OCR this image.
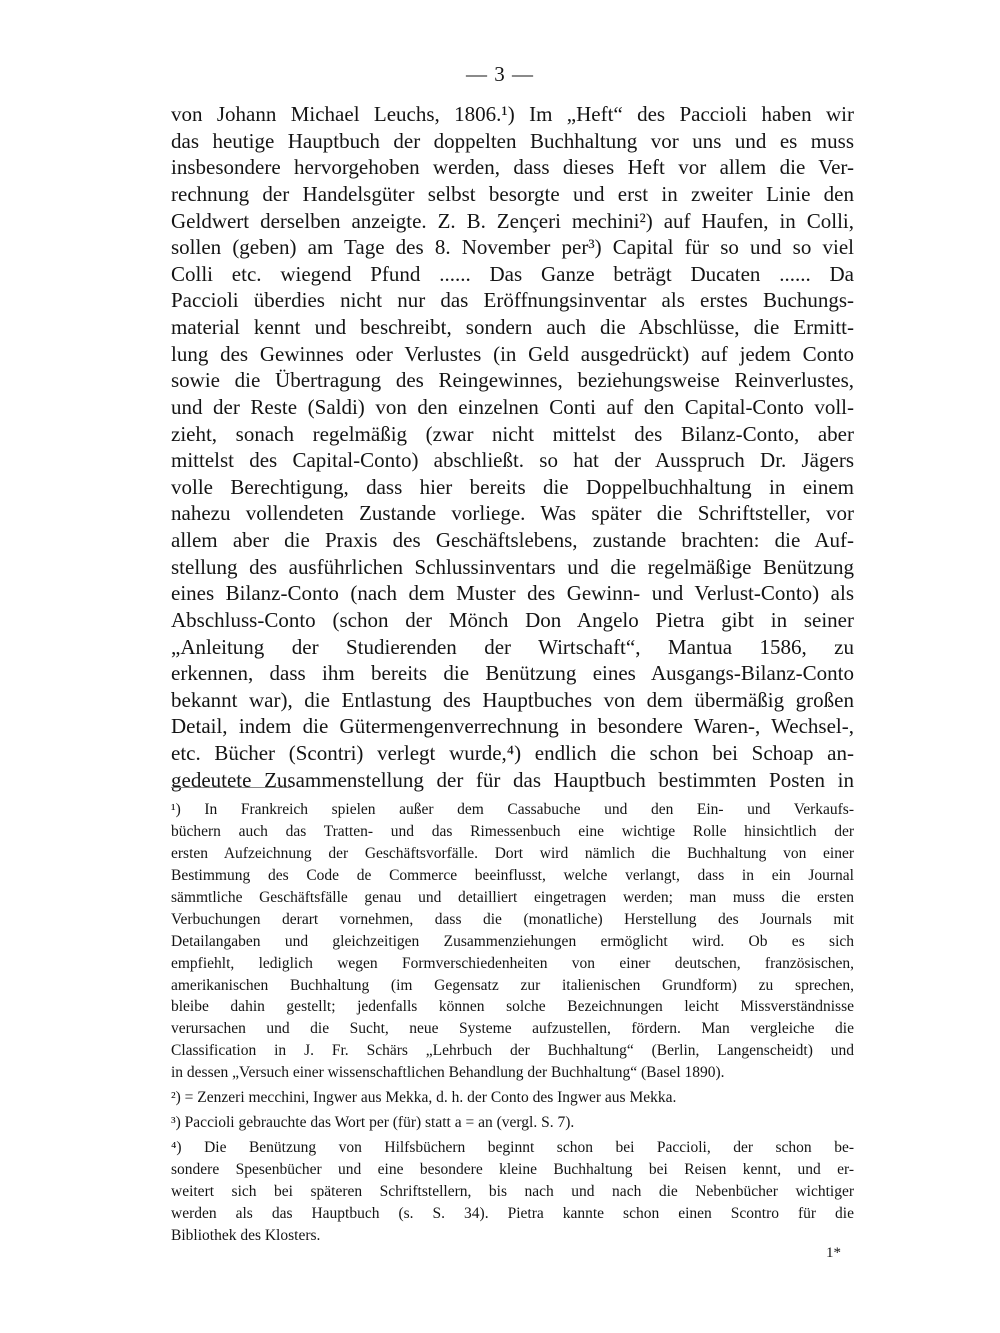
— 3 —
von Johann Michael Leuchs, 1806.¹) Im „Heft“ des Paccioli haben wir
das heutige Hauptbuch der doppelten Buchhaltung vor uns und es muss
insbesondere hervorgehoben werden, dass dieses Heft vor allem die Ver-
rechnung der Handelsgüter selbst besorgte und erst in zweiter Linie den
Geldwert derselben anzeigte. Z. B. Zençeri mechini²) auf Haufen, in Colli,
sollen (geben) am Tage des 8. November per³) Capital für so und so viel
Colli etc. wiegend Pfund ...... Das Ganze beträgt Ducaten ...... Da
Paccioli überdies nicht nur das Eröffnungsinventar als erstes Buchungs-
material kennt und beschreibt, sondern auch die Abschlüsse, die Ermitt-
lung des Gewinnes oder Verlustes (in Geld ausgedrückt) auf jedem Conto
sowie die Übertragung des Reingewinnes, beziehungsweise Reinverlustes,
und der Reste (Saldi) von den einzelnen Conti auf den Capital-Conto voll-
zieht, sonach regelmäßig (zwar nicht mittelst des Bilanz-Conto, aber
mittelst des Capital-Conto) abschließt. so hat der Ausspruch Dr. Jägers
volle Berechtigung, dass hier bereits die Doppelbuchhaltung in einem
nahezu vollendeten Zustande vorliege. Was später die Schriftsteller, vor
allem aber die Praxis des Geschäftslebens, zustande brachten: die Auf-
stellung des ausführlichen Schlussinventars und die regelmäßige Benützung
eines Bilanz-Conto (nach dem Muster des Gewinn- und Verlust-Conto) als
Abschluss-Conto (schon der Mönch Don Angelo Pietra gibt in seiner
„Anleitung der Studierenden der Wirtschaft“, Mantua 1586, zu
erkennen, dass ihm bereits die Benützung eines Ausgangs-Bilanz-Conto
bekannt war), die Entlastung des Hauptbuches von dem übermäßig großen
Detail, indem die Gütermengenverrechnung in besondere Waren-, Wechsel-,
etc. Bücher (Scontri) verlegt wurde,⁴) endlich die schon bei Schoap an-
gedeutete Zusammenstellung der für das Hauptbuch bestimmten Posten in
¹) In Frankreich spielen außer dem Cassabuche und den Ein- und Verkaufs-
büchern auch das Tratten- und das Rimessenbuch eine wichtige Rolle hinsichtlich der
ersten Aufzeichnung der Geschäftsvorfälle. Dort wird nämlich die Buchhaltung von einer
Bestimmung des Code de Commerce beeinflusst, welche verlangt, dass in ein Journal
sämmtliche Geschäftsfälle genau und detailliert eingetragen werden; man muss die ersten
Verbuchungen derart vornehmen, dass die (monatliche) Herstellung des Journals mit
Detailangaben und gleichzeitigen Zusammenziehungen ermöglicht wird. Ob es sich
empfiehlt, lediglich wegen Formverschiedenheiten von einer deutschen, französischen,
amerikanischen Buchhaltung (im Gegensatz zur italienischen Grundform) zu sprechen,
bleibe dahin gestellt; jedenfalls können solche Bezeichnungen leicht Missverständnisse
verursachen und die Sucht, neue Systeme aufzustellen, fördern. Man vergleiche die
Classification in J. Fr. Schärs „Lehrbuch der Buchhaltung“ (Berlin, Langenscheidt) und
in dessen „Versuch einer wissenschaftlichen Behandlung der Buchhaltung“ (Basel 1890).
²) = Zenzeri mecchini, Ingwer aus Mekka, d. h. der Conto des Ingwer aus Mekka.
³) Paccioli gebrauchte das Wort per (für) statt a = an (vergl. S. 7).
⁴) Die Benützung von Hilfsbüchern beginnt schon bei Paccioli, der schon be-
sondere Spesenbücher und eine besondere kleine Buchhaltung bei Reisen kennt, und er-
weitert sich bei späteren Schriftstellern, bis nach und nach die Nebenbücher wichtiger
werden als das Hauptbuch (s. S. 34). Pietra kannte schon einen Scontro für die
Bibliothek des Klosters.
1*
